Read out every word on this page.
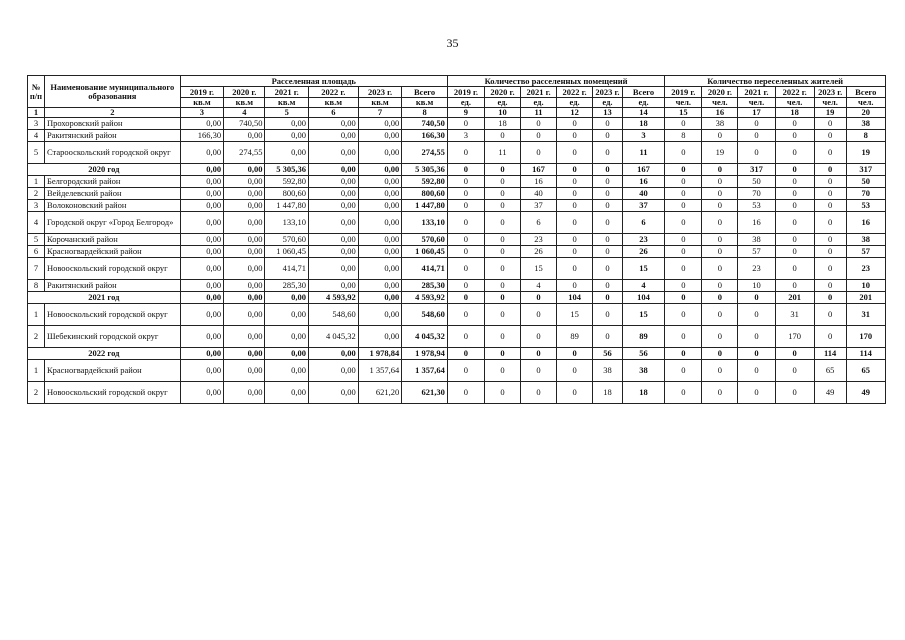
35
№ п/п	Наименование муниципального образования	Расселенная площадь						Количество расселенных помещений						Количество переселенных жителей					
		2019 г.	2020 г.	2021 г.	2022 г.	2023 г.	Всего	2019 г.	2020 г.	2021 г.	2022 г.	2023 г.	Всего	2019 г.	2020 г.	2021 г.	2022 г.	2023 г.	Всего
		кв.м	кв.м	кв.м	кв.м	кв.м	кв.м	ед.	ед.	ед.	ед.	ед.	ед.	чел.	чел.	чел.	чел.	чел.	чел.
1	2	3	4	5	6	7	8	9	10	11	12	13	14	15	16	17	18	19	20
3	Прохоровский район	0,00	740,50	0,00	0,00	0,00	740,50	0	18	0	0	0	18	0	38	0	0	0	38
4	Ракитянский район	166,30	0,00	0,00	0,00	0,00	166,30	3	0	0	0	0	3	8	0	0	0	0	8
5	Старооскольский городской округ	0,00	274,55	0,00	0,00	0,00	274,55	0	11	0	0	0	11	0	19	0	0	0	19
2020 год		0,00	0,00	5 305,36	0,00	0,00	5 305,36	0	0	167	0	0	167	0	0	317	0	0	317
1	Белгородский район	0,00	0,00	592,80	0,00	0,00	592,80	0	0	16	0	0	16	0	0	50	0	0	50
2	Вейделевский район	0,00	0,00	800,60	0,00	0,00	800,60	0	0	40	0	0	40	0	0	70	0	0	70
3	Волоконовский район	0,00	0,00	1 447,80	0,00	0,00	1 447,80	0	0	37	0	0	37	0	0	53	0	0	53
4	Городской округ «Город Белгород»	0,00	0,00	133,10	0,00	0,00	133,10	0	0	6	0	0	6	0	0	16	0	0	16
5	Корочанский район	0,00	0,00	570,60	0,00	0,00	570,60	0	0	23	0	0	23	0	0	38	0	0	38
6	Красногвардейский район	0,00	0,00	1 060,45	0,00	0,00	1 060,45	0	0	26	0	0	26	0	0	57	0	0	57
7	Новооскольский городской округ	0,00	0,00	414,71	0,00	0,00	414,71	0	0	15	0	0	15	0	0	23	0	0	23
8	Ракитянский район	0,00	0,00	285,30	0,00	0,00	285,30	0	0	4	0	0	4	0	0	10	0	0	10
2021 год		0,00	0,00	0,00	4 593,92	0,00	4 593,92	0	0	0	104	0	104	0	0	0	201	0	201
1	Новооскольский городской округ	0,00	0,00	0,00	548,60	0,00	548,60	0	0	0	15	0	15	0	0	0	31	0	31
2	Шебекинский городской округ	0,00	0,00	0,00	4 045,32	0,00	4 045,32	0	0	0	89	0	89	0	0	0	170	0	170
2022 год		0,00	0,00	0,00	0,00	1 978,84	1 978,94	0	0	0	0	56	56	0	0	0	0	114	114
1	Красногвардейский район	0,00	0,00	0,00	0,00	1 357,64	1 357,64	0	0	0	0	38	38	0	0	0	0	65	65
2	Новооскольский городской округ	0,00	0,00	0,00	0,00	621,20	621,30	0	0	0	0	18	18	0	0	0	0	49	49
